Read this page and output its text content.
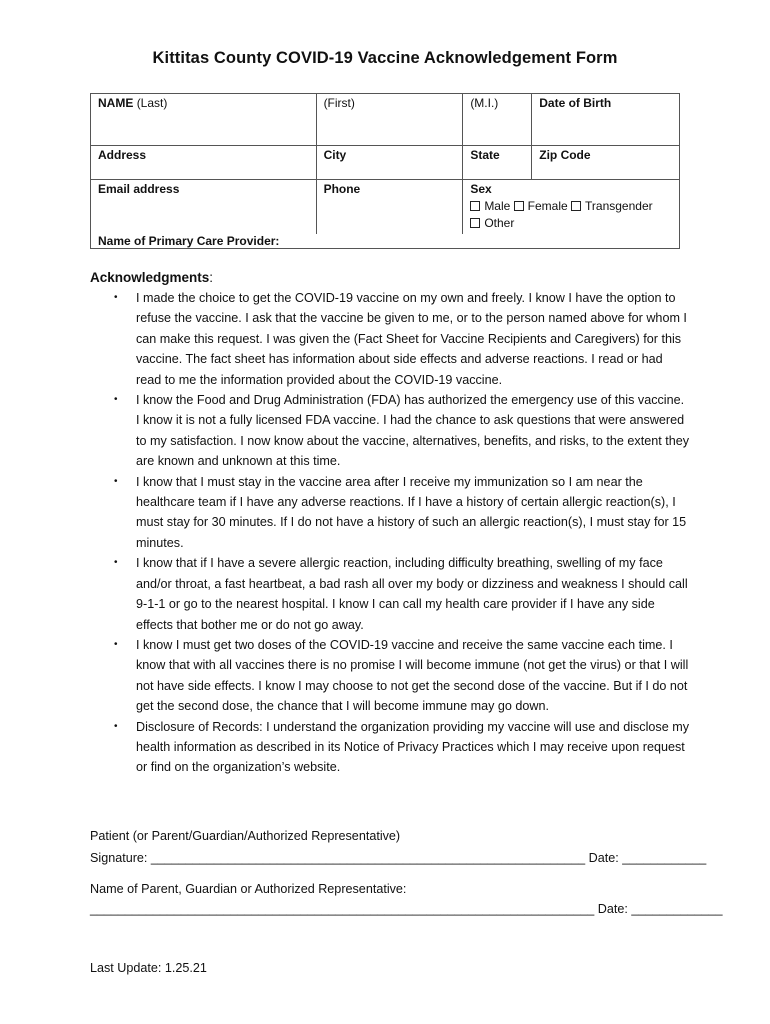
Kittitas County COVID-19 Vaccine Acknowledgement Form
NAME (Last)	(First)	(M.I.)	Date of Birth
Address	City	State	Zip Code
Email address	Phone	Sex
Male Female Transgender
Other	

Name of Primary Care Provider:			
Acknowledgments:
• I made the choice to get the COVID-19 vaccine on my own and freely. I know I have the option to refuse the vaccine. I ask that the vaccine be given to me, or to the person named above for whom I can make this request. I was given the (Fact Sheet for Vaccine Recipients and Caregivers) for this vaccine. The fact sheet has information about side effects and adverse reactions. I read or had read to me the information provided about the COVID-19 vaccine.
• I know the Food and Drug Administration (FDA) has authorized the emergency use of this vaccine. I know it is not a fully licensed FDA vaccine. I had the chance to ask questions that were answered to my satisfaction. I now know about the vaccine, alternatives, benefits, and risks, to the extent they are known and unknown at this time.
• I know that I must stay in the vaccine area after I receive my immunization so I am near the healthcare team if I have any adverse reactions. If I have a history of certain allergic reaction(s), I must stay for 30 minutes. If I do not have a history of such an allergic reaction(s), I must stay for 15 minutes.
• I know that if I have a severe allergic reaction, including difficulty breathing, swelling of my face and/or throat, a fast heartbeat, a bad rash all over my body or dizziness and weakness I should call 9-1-1 or go to the nearest hospital. I know I can call my health care provider if I have any side effects that bother me or do not go away.
• I know I must get two doses of the COVID-19 vaccine and receive the same vaccine each time. I know that with all vaccines there is no promise I will become immune (not get the virus) or that I will not have side effects. I know I may choose to not get the second dose of the vaccine. But if I do not get the second dose, the chance that I will become immune may go down.
• Disclosure of Records: I understand the organization providing my vaccine will use and disclose my health information as described in its Notice of Privacy Practices which I may receive upon request or find on the organization’s website.
Patient (or Parent/Guardian/Authorized Representative)
Signature: ______________________________________________________________ Date: ____________
Name of Parent, Guardian or Authorized Representative:
________________________________________________________________________ Date: _____________
Last Update: 1.25.21
